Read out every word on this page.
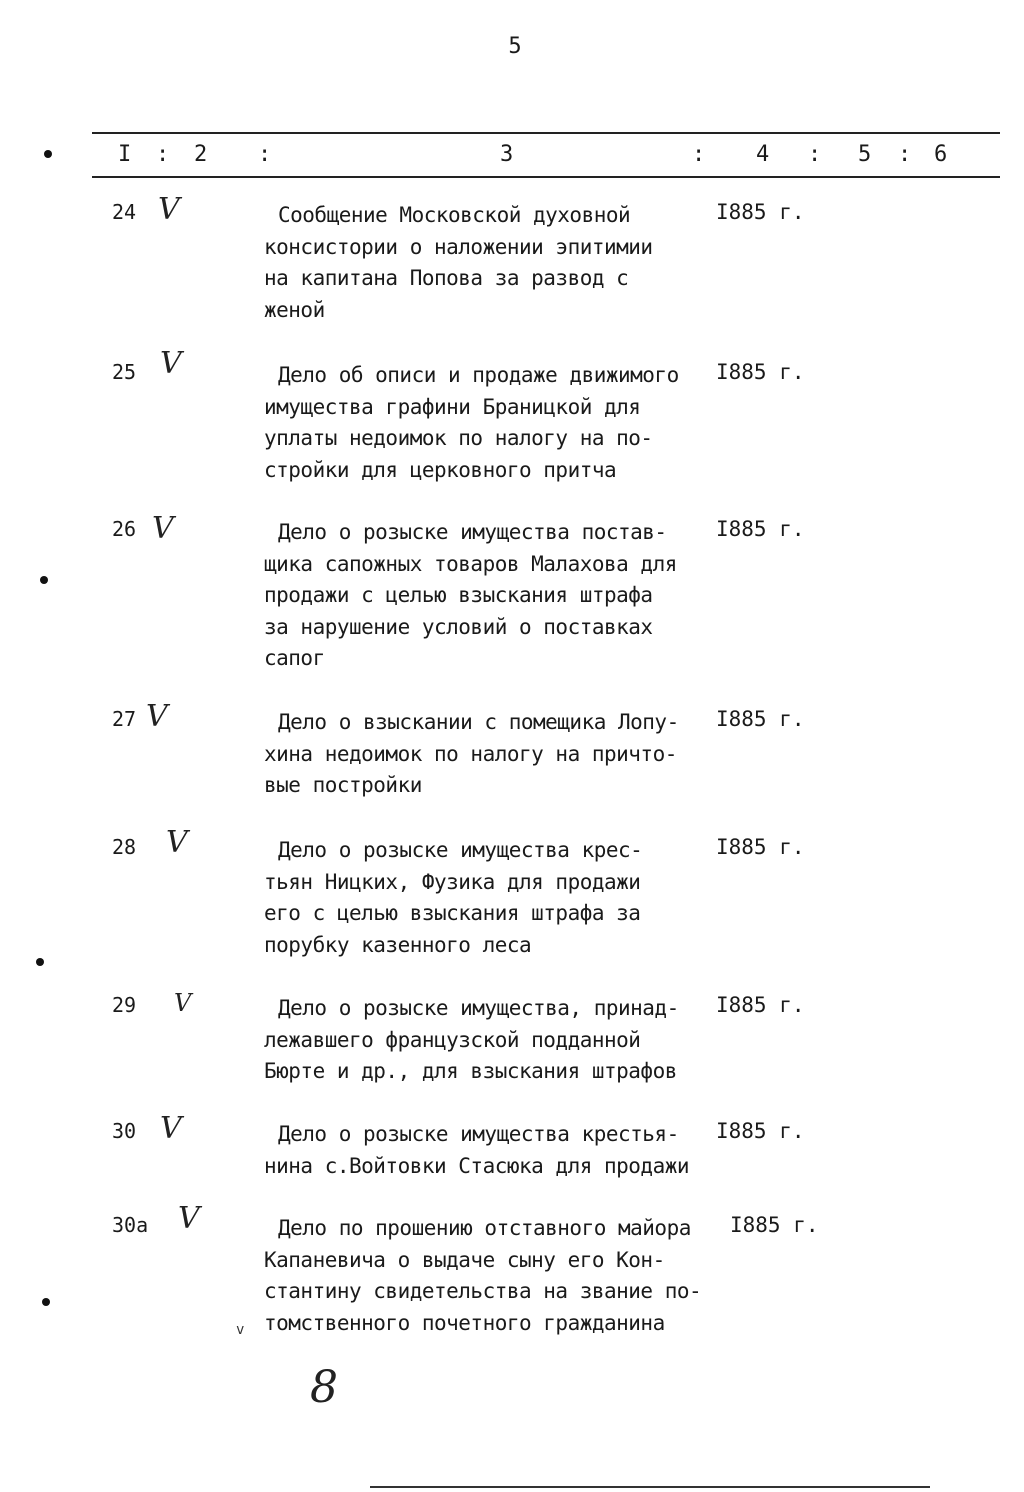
5
I : 2 :	3	: 4 : 5 : 6
24 V	Сообщение Московской духовной
консистории о наложении эпитимии
на капитана Попова за развод с
женой
I885 г.
25 V	Дело об описи и продаже движимого
имущества графини Браницкой для
уплаты недоимок по налогу на по-
стройки для церковного притча
I885 г.
26 V	Дело о розыске имущества постав-
щика сапожных товаров Малахова для
продажи с целью взыскания штрафа
за нарушение условий о поставках
сапог
I885 г.
27 V	Дело о взыскании с помещика Лопу-
хина недоимок по налогу на причто-
вые постройки
I885 г.
28 V	Дело о розыске имущества крес-
тьян Ницких, Фузика для продажи
его с целью взыскания штрафа за
порубку казенного леса
I885 г.
29 V	Дело о розыске имущества, принад-
лежавшего французской подданной
Бюрте и др., для взыскания штрафов
I885 г.
30 V	Дело о розыске имущества крестья-
нина с.Войтовки Стасюка для продажи
I885 г.
30а V	Дело по прошению отставного майора
Капаневича о выдаче сыну его Кон-
стантину свидетельства на звание по-
томственного почетного гражданина
I885 г.
v
8
